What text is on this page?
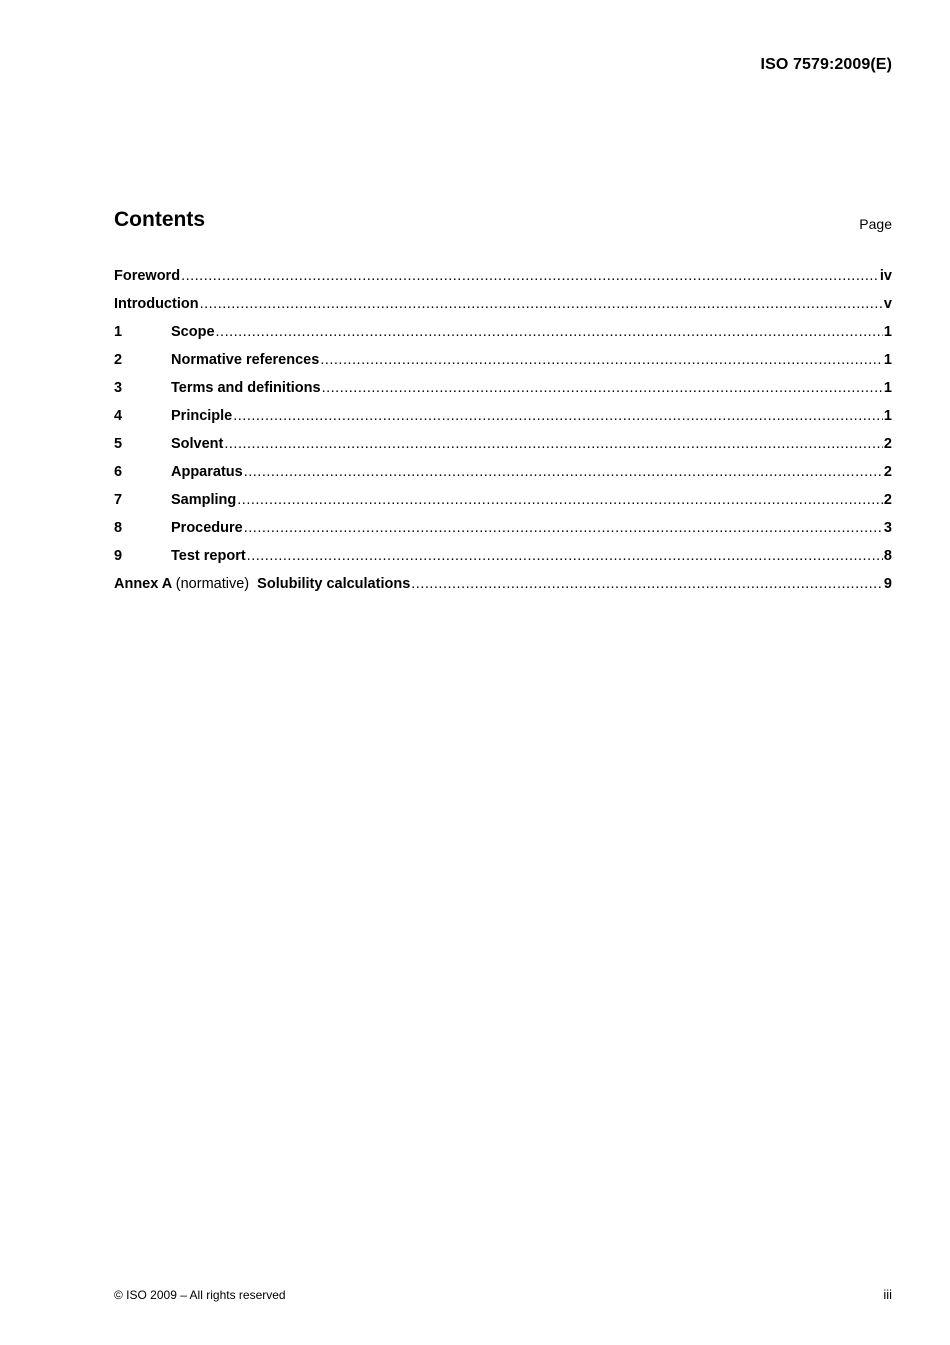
ISO 7579:2009(E)
Contents	Page
Foreword .....	iv
Introduction .....	v
1	Scope .....	1
2	Normative references .....	1
3	Terms and definitions .....	1
4	Principle .....	1
5	Solvent .....	2
6	Apparatus .....	2
7	Sampling .....	2
8	Procedure .....	3
9	Test report .....	8
Annex A (normative) Solubility calculations .....	9
© ISO 2009 – All rights reserved	iii
